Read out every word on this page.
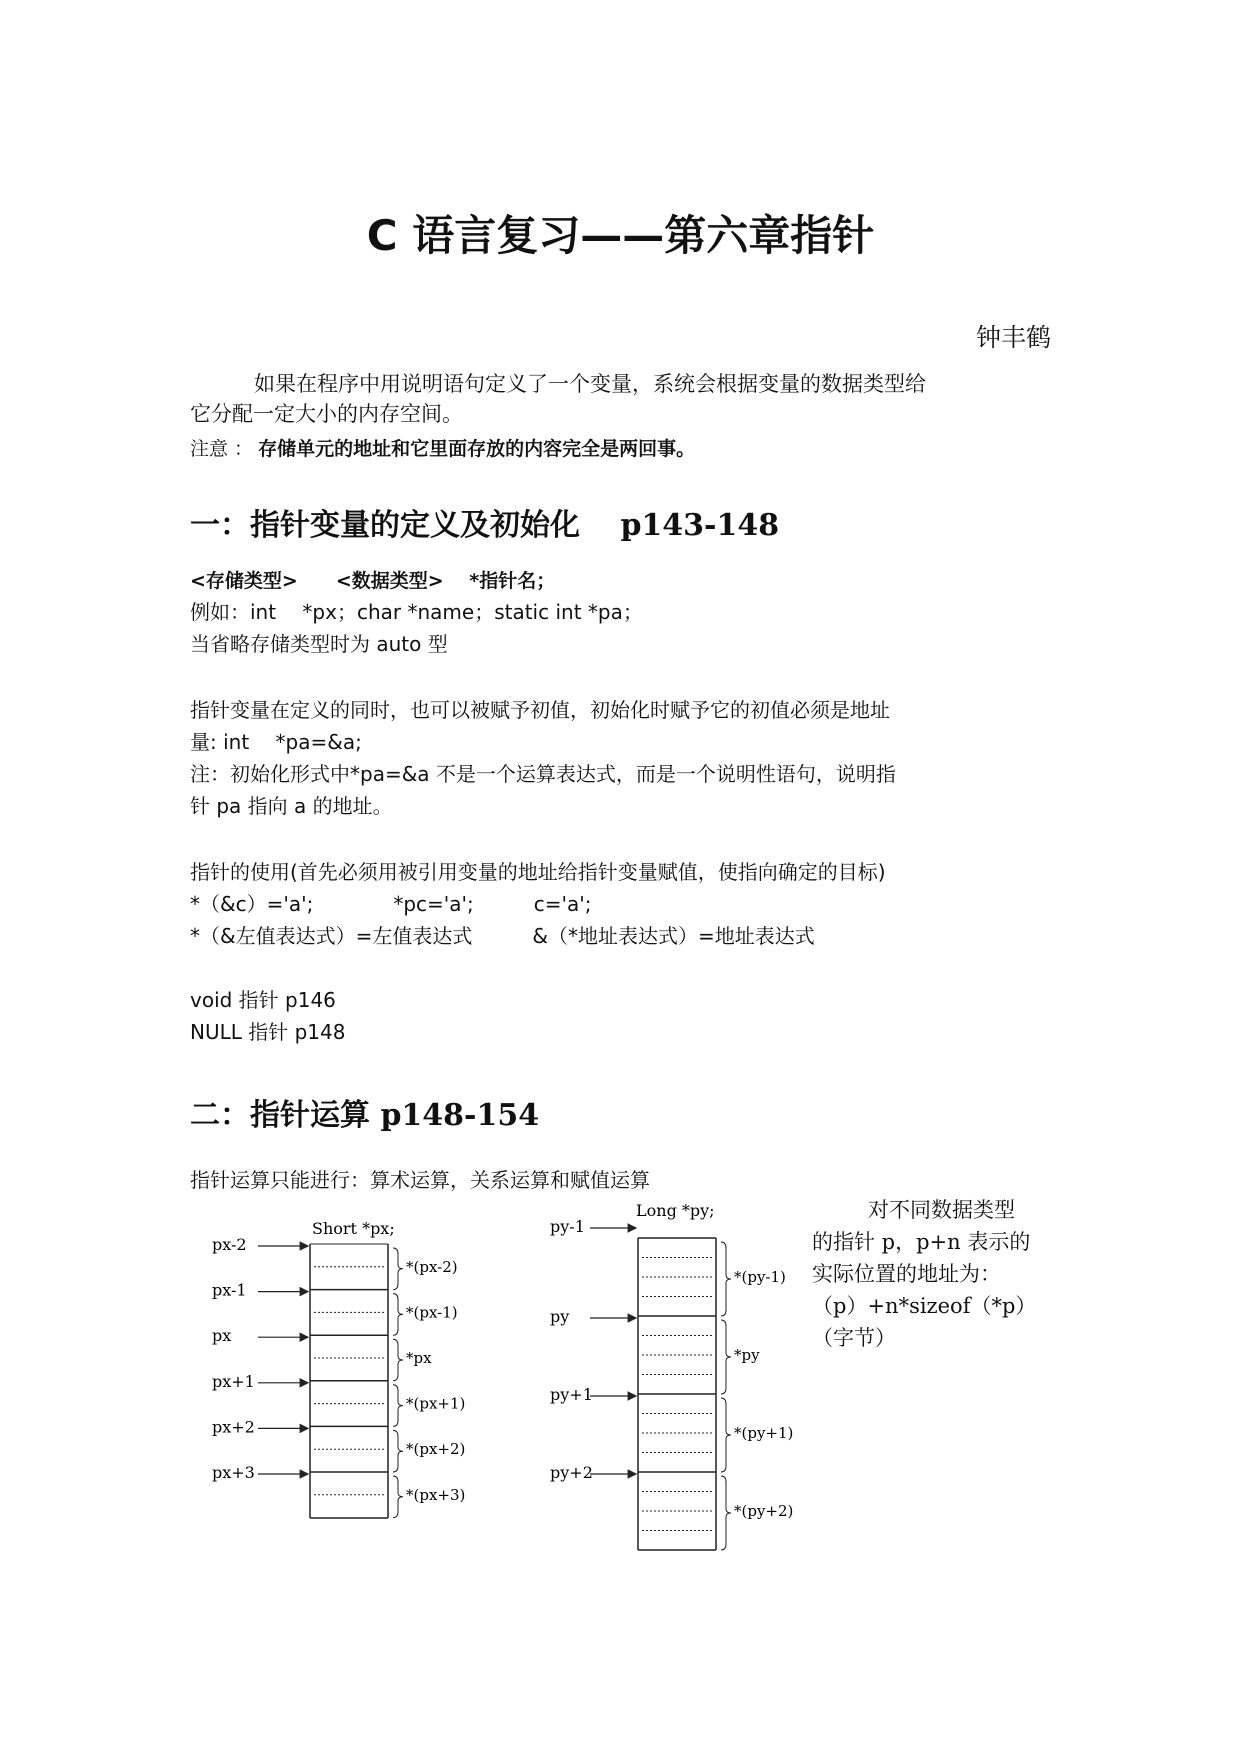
C 语言复习——第六章指针
钟丰鹤
如果在程序中用说明语句定义了一个变量，系统会根据变量的数据类型给
它分配一定大小的内存空间。
注意 ： 存储单元的地址和它里面存放的内容完全是两回事。
一：指针变量的定义及初始化　 p143-148
<存储类型>　　<数据类型>　 *指针名；
例如：int　 *px；char *name；static int *pa；
当省略存储类型时为 auto 型
指针变量在定义的同时，也可以被赋予初值，初始化时赋予它的初值必须是地址
量: int　 *pa=&a;
注：初始化形式中*pa=&a 不是一个运算表达式，而是一个说明性语句，说明指
针 pa 指向 a 的地址。
指针的使用(首先必须用被引用变量的地址给指针变量赋值，使指向确定的目标)
*（&c）='a';　　　　*pc='a';　　　c='a';
*（&左值表达式）=左值表达式　　　&（*地址表达式）=地址表达式
void 指针 p146
NULL 指针 p148
二：指针运算 p148-154
指针运算只能进行：算术运算，关系运算和赋值运算
对不同数据类型
的指针 p，p+n 表示的
实际位置的地址为：
（p）+n*sizeof（*p）
（字节）
Short *px;
px-2
*(px-2)
px-1
*(px-1)
px
*px
px+1
*(px+1)
px+2
*(px+2)
px+3
*(px+3)
Long *py;
py-1
*(py-1)
py
*py
py+1
*(py+1)
py+2
*(py+2)
